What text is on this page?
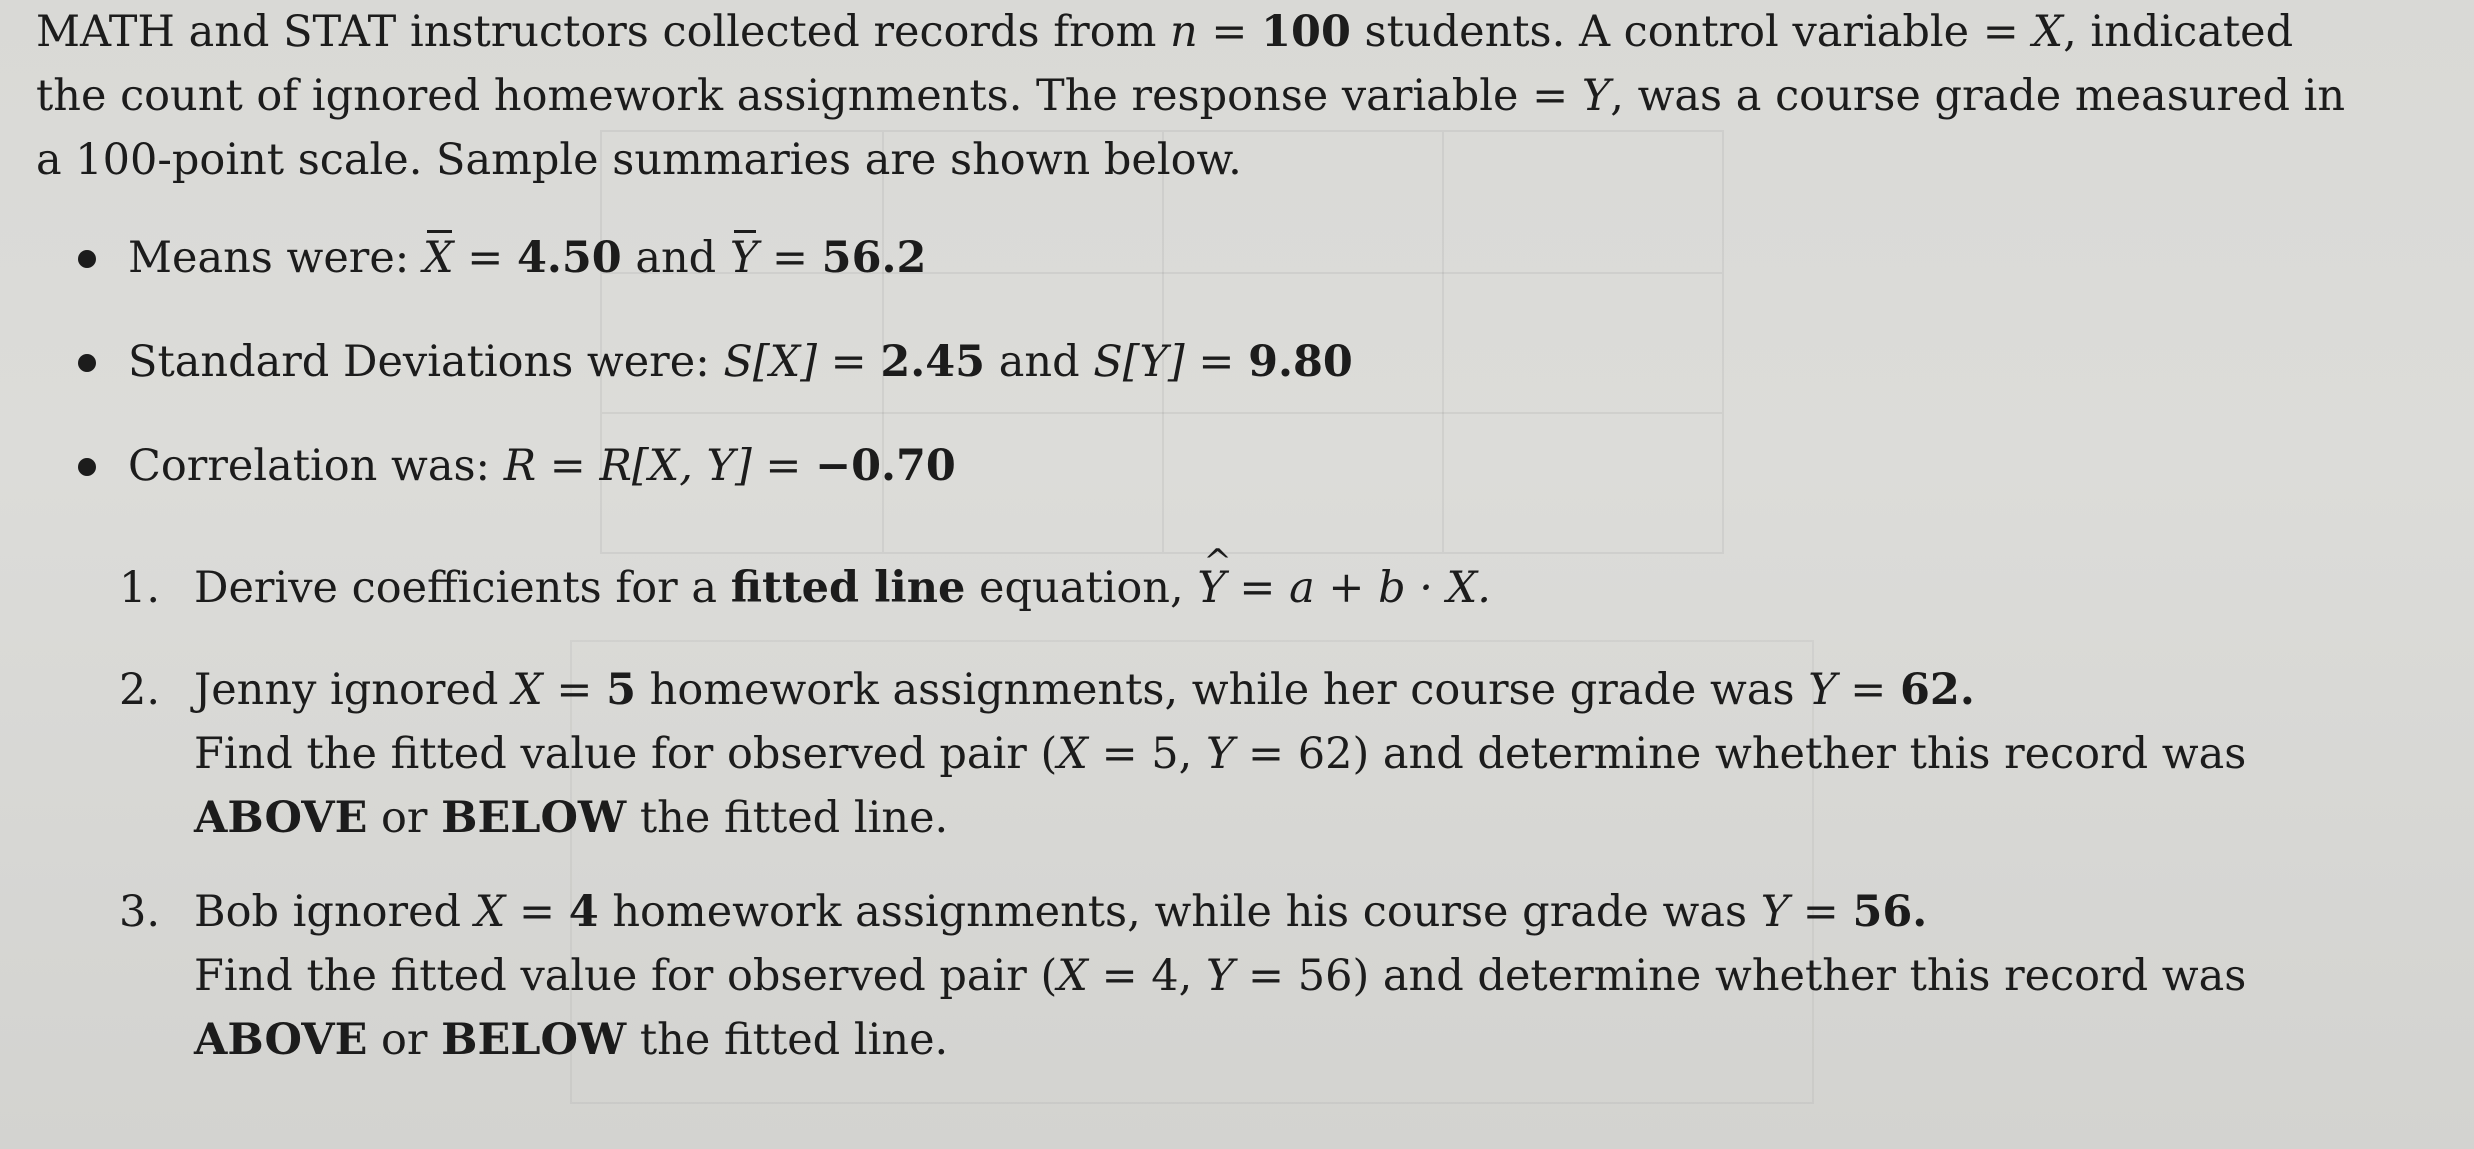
MATH and STAT instructors collected records from n = 100 students. A control variable = X, indicated
the count of ignored homework assignments. The response variable = Y, was a course grade measured in
a 100-point scale. Sample summaries are shown below.
Means were: X = 4.50 and Y = 56.2
Standard Deviations were: S[X] = 2.45 and S[Y] = 9.80
Correlation was: R = R[X, Y] = −0.70
1. Derive coefficients for a fitted line equation, ^ Y = a + b · X.
2. Jenny ignored X = 5 homework assignments, while her course grade was Y = 62.
Find the fitted value for observed pair (X = 5, Y = 62) and determine whether this record was
ABOVE or BELOW the fitted line.
3. Bob ignored X = 4 homework assignments, while his course grade was Y = 56.
Find the fitted value for observed pair (X = 4, Y = 56) and determine whether this record was
ABOVE or BELOW the fitted line.
